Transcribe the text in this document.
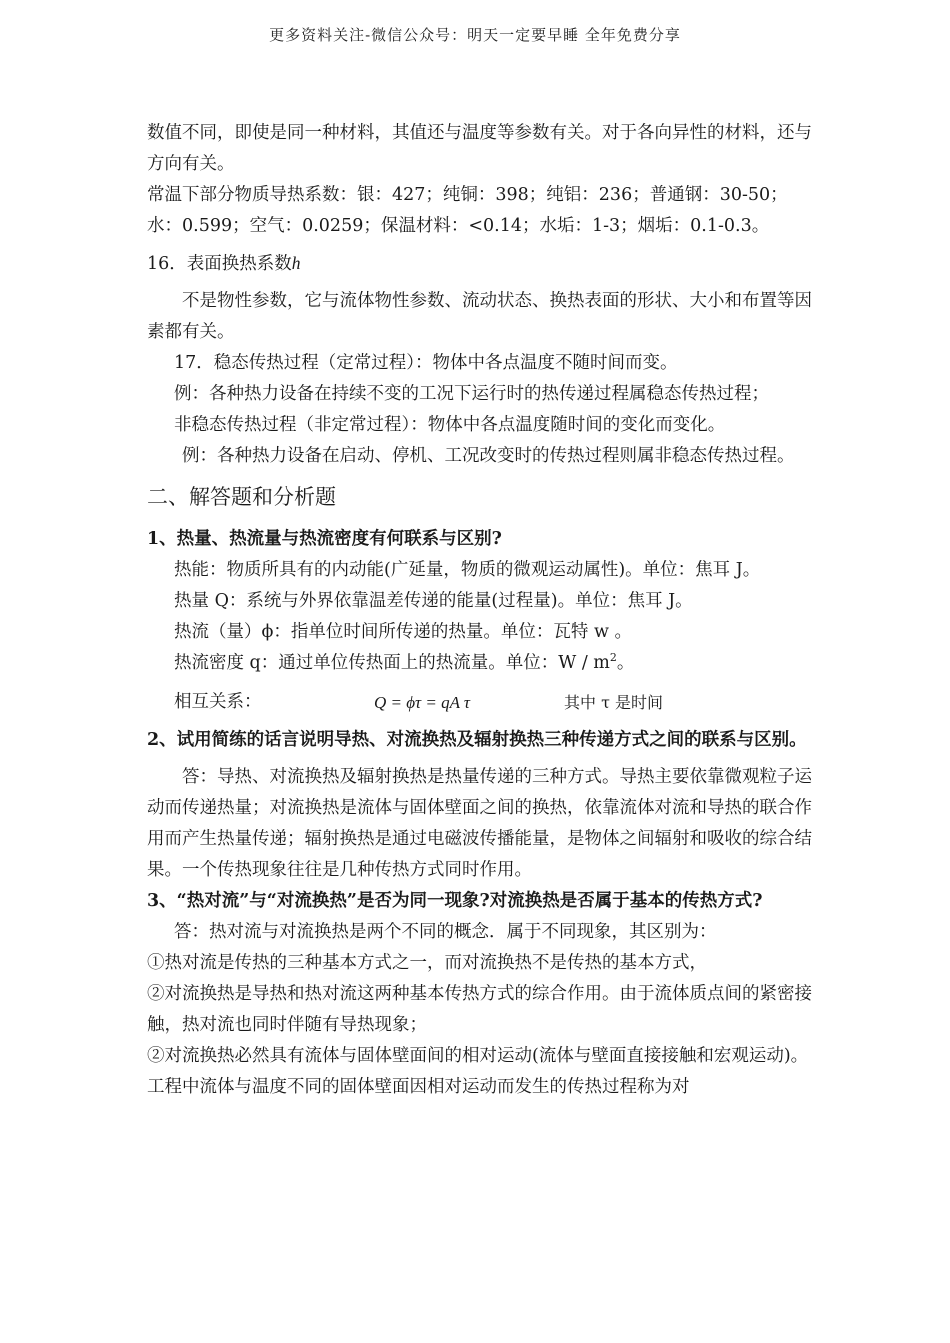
更多资料关注-微信公众号：明天一定要早睡 全年免费分享

数值不同，即使是同一种材料，其值还与温度等参数有关。对于各向异性的材料，还与方向有关。

常温下部分物质导热系数：银：427；纯铜：398；纯铝：236；普通钢：30-50；水：0.599；空气：0.0259；保温材料：<0.14；水垢：1-3；烟垢：0.1-0.3。

16．表面换热系数h

不是物性参数，它与流体物性参数、流动状态、换热表面的形状、大小和布置等因素都有关。

17．稳态传热过程（定常过程）：物体中各点温度不随时间而变。

例：各种热力设备在持续不变的工况下运行时的热传递过程属稳态传热过程；

非稳态传热过程（非定常过程）：物体中各点温度随时间的变化而变化。

例：各种热力设备在启动、停机、工况改变时的传热过程则属非稳态传热过程。

二、解答题和分析题

1、热量、热流量与热流密度有何联系与区别?

热能：物质所具有的内动能(广延量，物质的微观运动属性)。单位：焦耳 J。

热量 Q：系统与外界依靠温差传递的能量(过程量)。单位：焦耳 J。

热流（量）ϕ：指单位时间所传递的热量。单位：瓦特 w 。

热流密度 q：通过单位传热面上的热流量。单位：W / $m^2$。

相互关系：	Q = ϕτ = qA τ	其中 τ 是时间

2、试用简练的话言说明导热、对流换热及辐射换热三种传递方式之间的联系与区别。

答：导热、对流换热及辐射换热是热量传递的三种方式。导热主要依靠微观粒子运动而传递热量；对流换热是流体与固体壁面之间的换热，依靠流体对流和导热的联合作用而产生热量传递；辐射换热是通过电磁波传播能量，是物体之间辐射和吸收的综合结果。一个传热现象往往是几种传热方式同时作用。

3、“热对流”与“对流换热”是否为同一现象?对流换热是否属于基本的传热方式?

答：热对流与对流换热是两个不同的概念．属于不同现象，其区别为：

①热对流是传热的三种基本方式之一，而对流换热不是传热的基本方式，

②对流换热是导热和热对流这两种基本传热方式的综合作用。由于流体质点间的紧密接触，热对流也同时伴随有导热现象；

②对流换热必然具有流体与固体壁面间的相对运动(流体与壁面直接接触和宏观运动)。工程中流体与温度不同的固体壁面因相对运动而发生的传热过程称为对
